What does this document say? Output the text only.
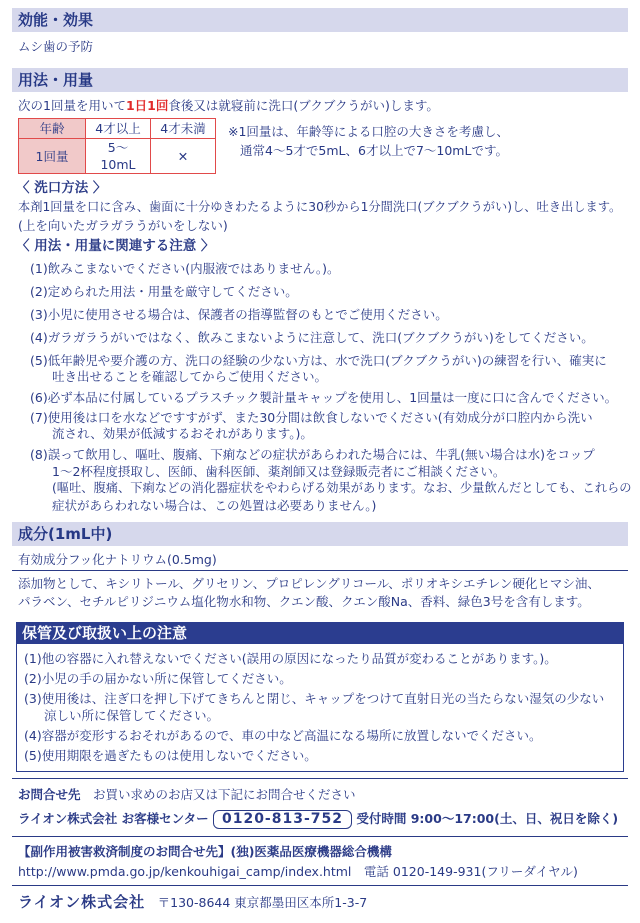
効能・効果
ムシ歯の予防
用法・用量
次の1回量を用いて1日1回食後又は就寝前に洗口(ブクブクうがい)します。
年齢	4才以上	4才未満
1回量	5〜10mL	✕
※1回量は、年齢等による口腔の大きさを考慮し、
通常4〜5才で5mL、6才以上で7〜10mLです。
〈 洗口方法 〉
本剤1回量を口に含み、歯面に十分ゆきわたるように30秒から1分間洗口(ブクブクうがい)し、吐き出します。
(上を向いたガラガラうがいをしない)
〈 用法・用量に関連する注意 〉
(1)飲みこまないでください(内服液ではありません。)。
(2)定められた用法・用量を厳守してください。
(3)小児に使用させる場合は、保護者の指導監督のもとでご使用ください。
(4)ガラガラうがいではなく、飲みこまないように注意して、洗口(ブクブクうがい)をしてください。
(5)低年齢児や要介護の方、洗口の経験の少ない方は、水で洗口(ブクブクうがい)の練習を行い、確実に
吐き出せることを確認してからご使用ください。
(6)必ず本品に付属しているプラスチック製計量キャップを使用し、1回量は一度に口に含んでください。
(7)使用後は口を水などですすがず、また30分間は飲食しないでください(有効成分が口腔内から洗い
流され、効果が低減するおそれがあります。)。
(8)誤って飲用し、嘔吐、腹痛、下痢などの症状があらわれた場合には、牛乳(無い場合は水)をコップ
1〜2杯程度摂取し、医師、歯科医師、薬剤師又は登録販売者にご相談ください。
(嘔吐、腹痛、下痢などの消化器症状をやわらげる効果があります。なお、少量飲んだとしても、これらの
症状があらわれない場合は、この処置は必要ありません。)
成分(1mL中)
有効成分フッ化ナトリウム(0.5mg)
添加物として、キシリトール、グリセリン、プロピレングリコール、ポリオキシエチレン硬化ヒマシ油、
パラベン、セチルピリジニウム塩化物水和物、クエン酸、クエン酸Na、香料、緑色3号を含有します。
保管及び取扱い上の注意
(1)他の容器に入れ替えないでください(誤用の原因になったり品質が変わることがあります。)。
(2)小児の手の届かない所に保管してください。
(3)使用後は、注ぎ口を押し下げてきちんと閉じ、キャップをつけて直射日光の当たらない湿気の少ない
涼しい所に保管してください。
(4)容器が変形するおそれがあるので、車の中など高温になる場所に放置しないでください。
(5)使用期限を過ぎたものは使用しないでください。
お問合せ先　 お買い求めのお店又は下記にお問合せください
ライオン株式会社 お客様センター 0120-813-752 受付時間 9:00〜17:00(土、日、祝日を除く)
【副作用被害救済制度のお問合せ先】(独)医薬品医療機器総合機構
http://www.pmda.go.jp/kenkouhigai_camp/index.html　 電話 0120-149-931(フリーダイヤル)
ライオン株式会社　 〒130-8644 東京都墨田区本所1-3-7
